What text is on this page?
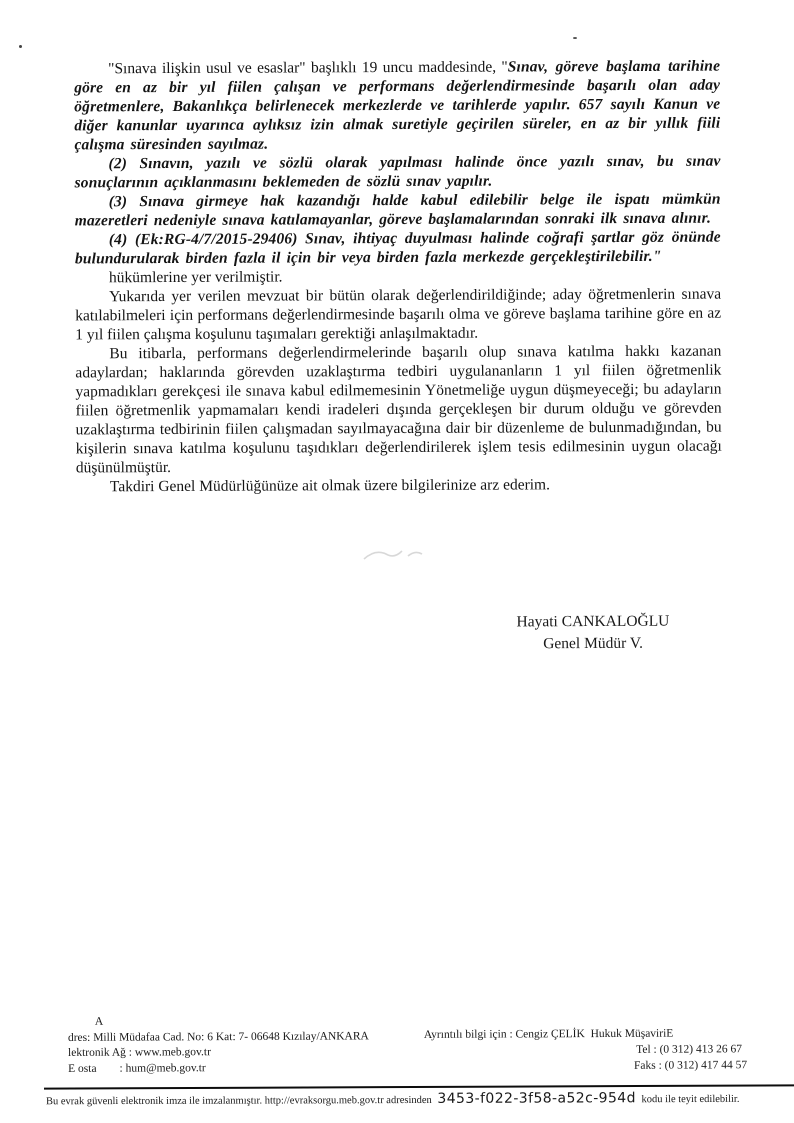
"Sınava ilişkin usul ve esaslar" başlıklı 19 uncu maddesinde, "Sınav, göreve başlama tarihine göre en az bir yıl fiilen çalışan ve performans değerlendirmesinde başarılı olan aday öğretmenlere, Bakanlıkça belirlenecek merkezlerde ve tarihlerde yapılır. 657 sayılı Kanun ve diğer kanunlar uyarınca aylıksız izin almak suretiyle geçirilen süreler, en az bir yıllık fiili çalışma süresinden sayılmaz.

(2) Sınavın, yazılı ve sözlü olarak yapılması halinde önce yazılı sınav, bu sınav sonuçlarının açıklanmasını beklemeden de sözlü sınav yapılır.

(3) Sınava girmeye hak kazandığı halde kabul edilebilir belge ile ispatı mümkün mazeretleri nedeniyle sınava katılamayanlar, göreve başlamalarından sonraki ilk sınava alınır.

(4) (Ek:RG-4/7/2015-29406) Sınav, ihtiyaç duyulması halinde coğrafi şartlar göz önünde bulundurularak birden fazla il için bir veya birden fazla merkezde gerçekleştirilebilir."

hükümlerine yer verilmiştir.

Yukarıda yer verilen mevzuat bir bütün olarak değerlendirildiğinde; aday öğretmenlerin sınava katılabilmeleri için performans değerlendirmesinde başarılı olma ve göreve başlama tarihine göre en az 1 yıl fiilen çalışma koşulunu taşımaları gerektiği anlaşılmaktadır.

Bu itibarla, performans değerlendirmelerinde başarılı olup sınava katılma hakkı kazanan adaylardan; haklarında görevden uzaklaştırma tedbiri uygulananların 1 yıl fiilen öğretmenlik yapmadıkları gerekçesi ile sınava kabul edilmemesinin Yönetmeliğe uygun düşmeyeceği; bu adayların fiilen öğretmenlik yapmamaları kendi iradeleri dışında gerçekleşen bir durum olduğu ve görevden uzaklaştırma tedbirinin fiilen çalışmadan sayılmayacağına dair bir düzenleme de bulunmadığından, bu kişilerin sınava katılma koşulunu taşıdıkları değerlendirilerek işlem tesis edilmesinin uygun olacağı düşünülmüştür.

Takdiri Genel Müdürlüğünüze ait olmak üzere bilgilerinize arz ederim.

Hayati CANKALOĞLU
Genel Müdür V.
A
dres: Milli Müdafaa Cad. No: 6 Kat: 7- 06648 Kızılay/ANKARA
lektronik Ağ : www.meb.gov.tr
E osta        : hum@meb.gov.tr
Ayrıntılı bilgi için : Cengiz ÇELİK  Hukuk MüşaviriE
Tel : (0 312) 413 26 67
Faks : (0 312) 417 44 57
Bu evrak güvenli elektronik imza ile imzalanmıştır. http://evraksorgu.meb.gov.tr adresinden 3453-f022-3f58-a52c-954d kodu ile teyit edilebilir.
